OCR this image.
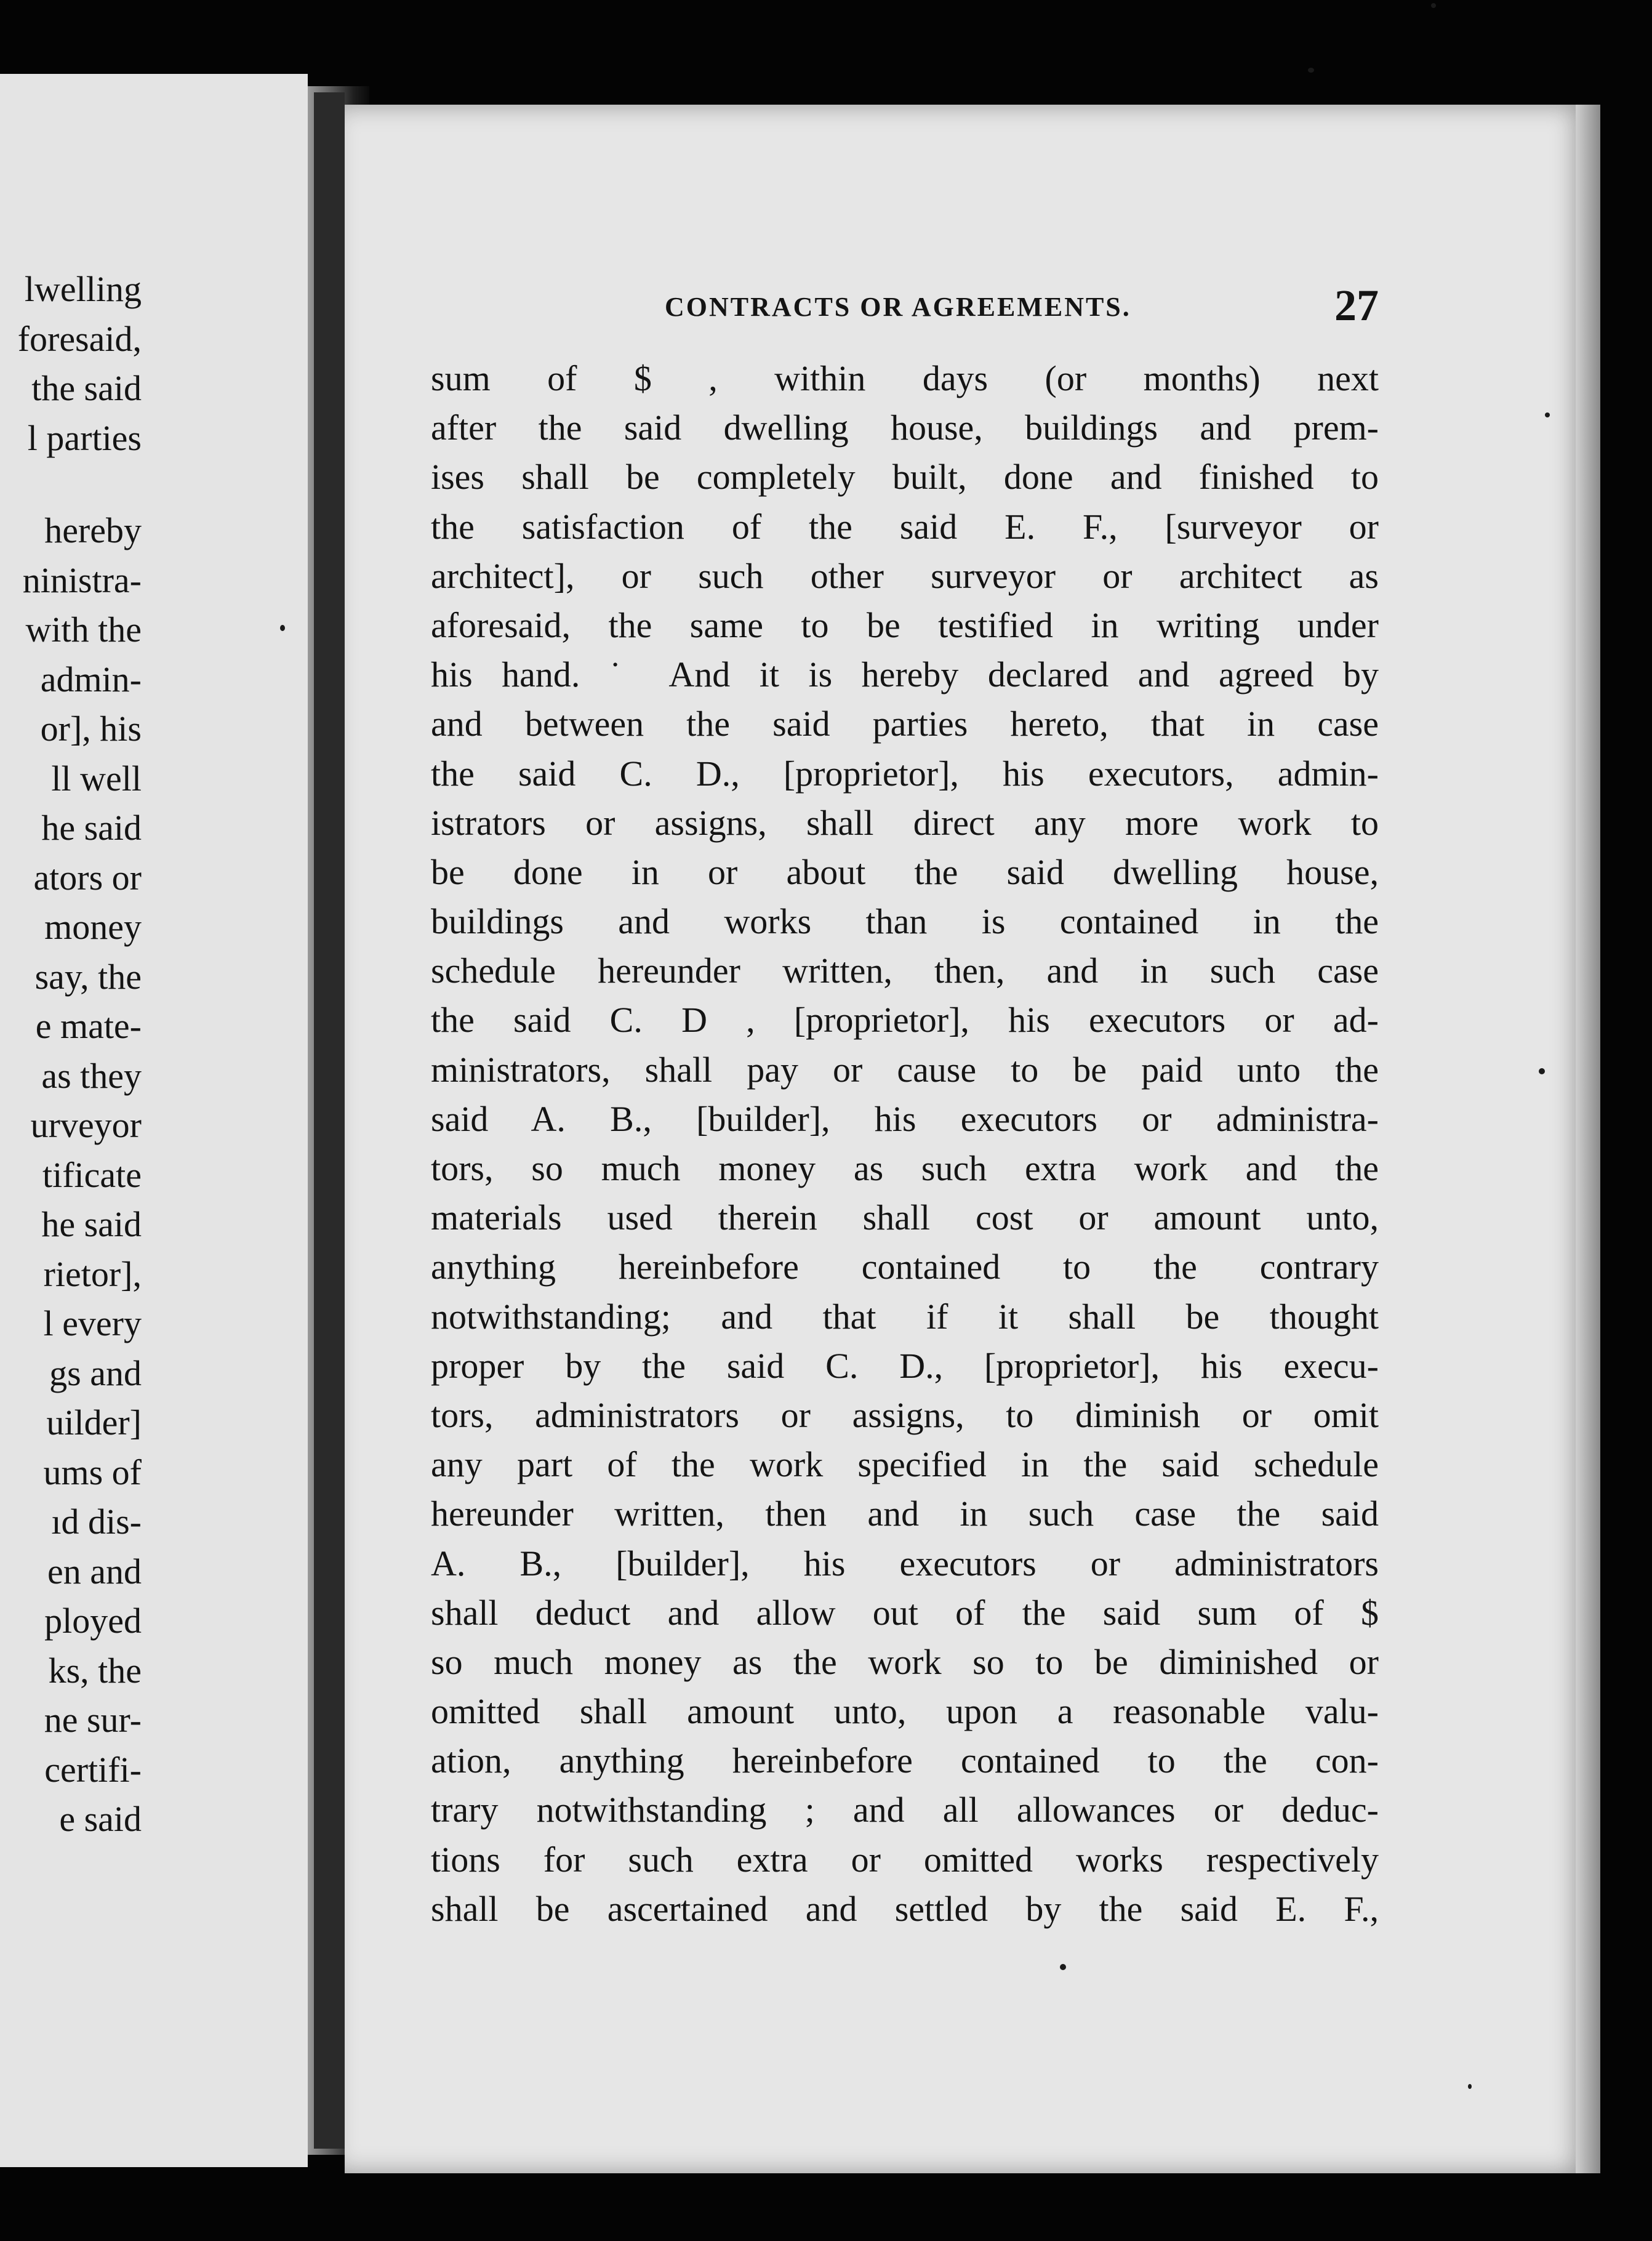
lwelling
foresaid,
the said
l parties
hereby
ninistra-
with the
admin-
or], his
ll well
he said
ators or
money
say, the
e mate-
as they
urveyor
tificate
he said
rietor],
l every
gs and
uilder]
ums of
ıd dis-
en and
ployed
ks, the
ne sur-
certifi-
e said
CONTRACTS OR AGREEMENTS.	27
sum of $ , within days (or months) next
after the said dwelling house, buildings and prem-
ises shall be completely built, done and finished to
the satisfaction of the said E. F., [surveyor or
architect], or such other surveyor or architect as
aforesaid, the same to be testified in writing under
his hand. ˙ And it is hereby declared and agreed by
and between the said parties hereto, that in case
the said C. D., [proprietor], his executors, admin-
istrators or assigns, shall direct any more work to
be done in or about the said dwelling house,
buildings and works than is contained in the
schedule hereunder written, then, and in such case
the said C. D , [proprietor], his executors or ad-
ministrators, shall pay or cause to be paid unto the
said A. B., [builder], his executors or administra-
tors, so much money as such extra work and the
materials used therein shall cost or amount unto,
anything hereinbefore contained to the contrary
notwithstanding; and that if it shall be thought
proper by the said C. D., [proprietor], his execu-
tors, administrators or assigns, to diminish or omit
any part of the work specified in the said schedule
hereunder written, then and in such case the said
A. B., [builder], his executors or administrators
shall deduct and allow out of the said sum of $
so much money as the work so to be diminished or
omitted shall amount unto, upon a reasonable valu-
ation, anything hereinbefore contained to the con-
trary notwithstanding ; and all allowances or deduc-
tions for such extra or omitted works respectively
shall be ascertained and settled by the said E. F.,
